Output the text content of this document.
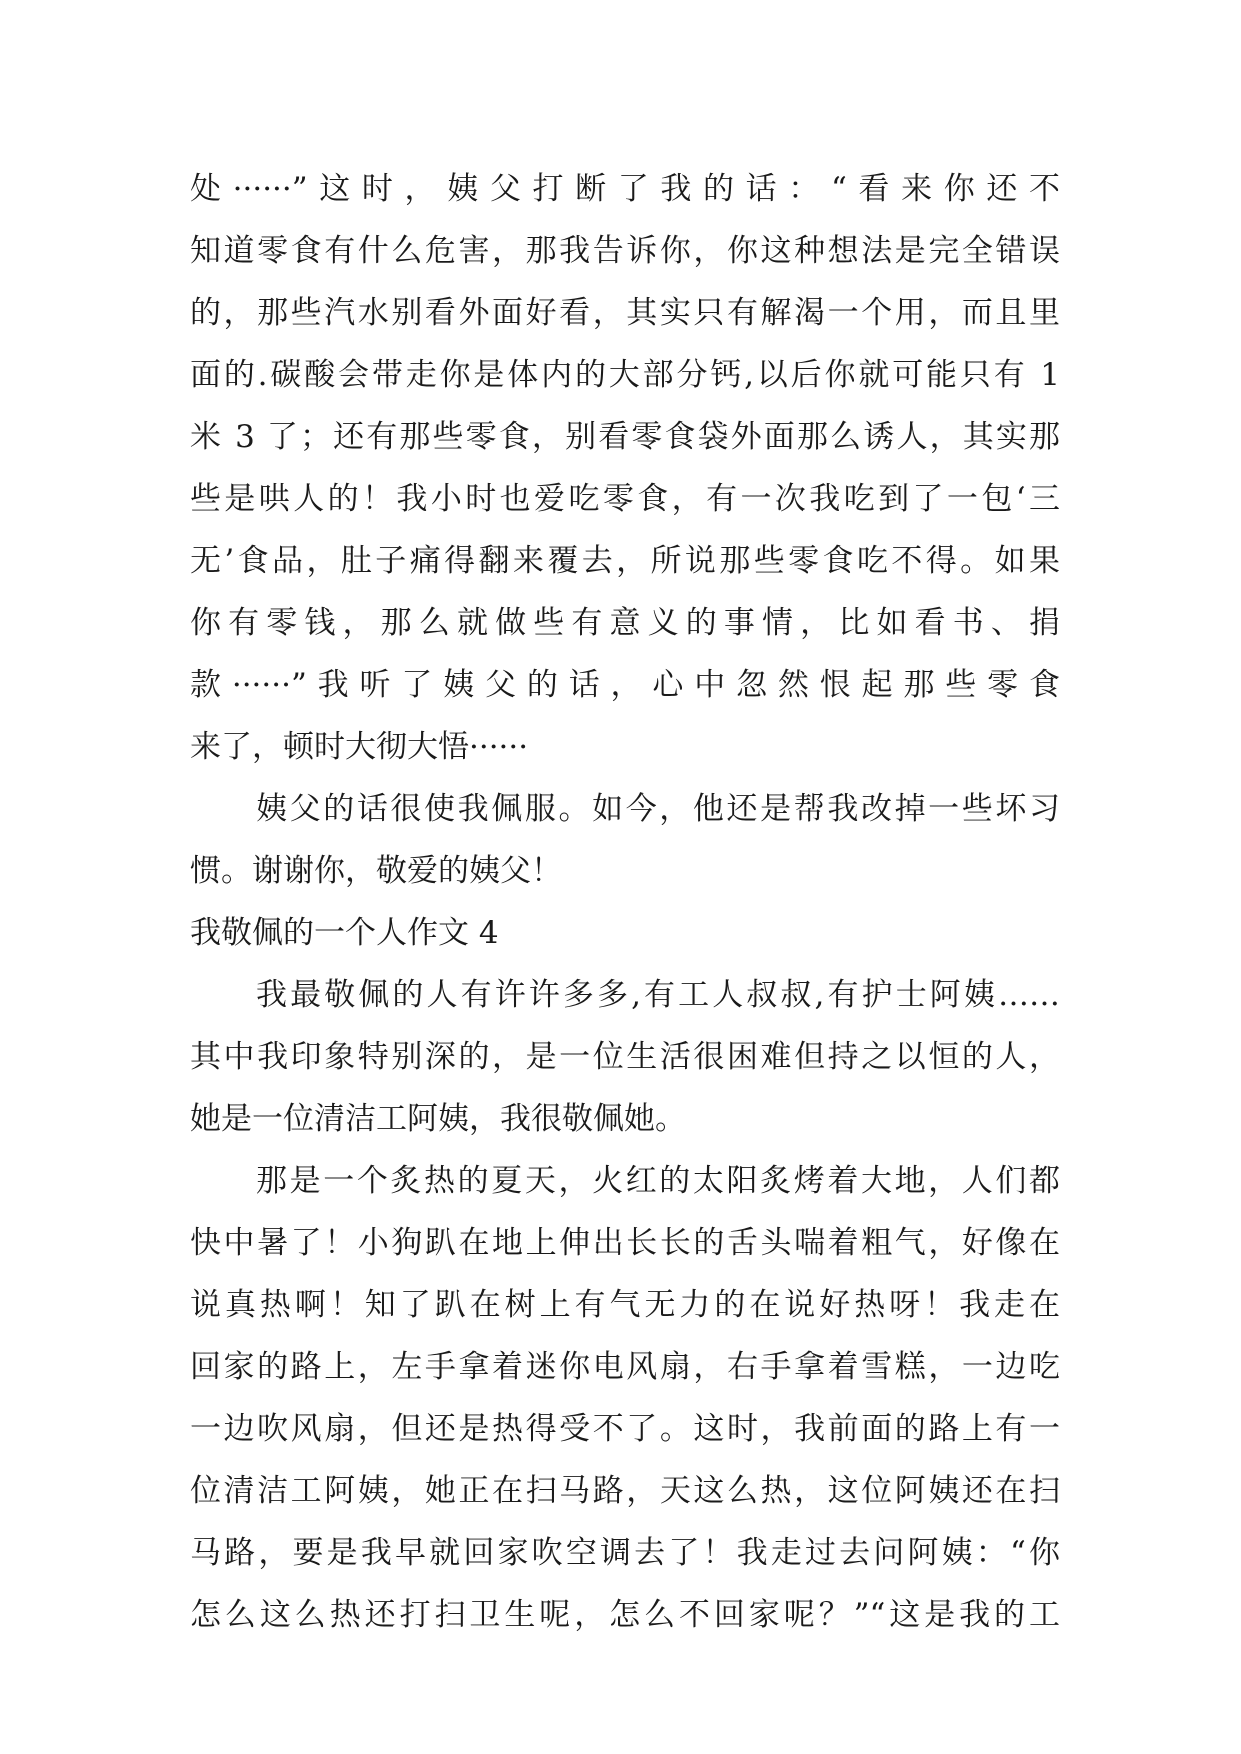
处······”这时，姨父打断了我的话：“看来你还不
知道零食有什么危害，那我告诉你，你这种想法是完全错误
的，那些汽水别看外面好看，其实只有解渴一个用，而且里
面的.碳酸会带走你是体内的大部分钙,以后你就可能只有 1
米 3 了；还有那些零食，别看零食袋外面那么诱人，其实那
些是哄人的！我小时也爱吃零食，有一次我吃到了一包‘三
无’食品，肚子痛得翻来覆去，所说那些零食吃不得。如果
你有零钱，那么就做些有意义的事情，比如看书、捐
款······”我听了姨父的话，心中忽然恨起那些零食
来了，顿时大彻大悟······
姨父的话很使我佩服。如今，他还是帮我改掉一些坏习
惯。谢谢你，敬爱的姨父！
我敬佩的一个人作文 4
我最敬佩的人有许许多多,有工人叔叔,有护士阿姨……
其中我印象特别深的，是一位生活很困难但持之以恒的人，
她是一位清洁工阿姨，我很敬佩她。
那是一个炙热的夏天，火红的太阳炙烤着大地，人们都
快中暑了！小狗趴在地上伸出长长的舌头喘着粗气，好像在
说真热啊！知了趴在树上有气无力的在说好热呀！我走在
回家的路上，左手拿着迷你电风扇，右手拿着雪糕，一边吃
一边吹风扇，但还是热得受不了。这时，我前面的路上有一
位清洁工阿姨，她正在扫马路，天这么热，这位阿姨还在扫
马路，要是我早就回家吹空调去了！我走过去问阿姨：“你
怎么这么热还打扫卫生呢，怎么不回家呢？”“这是我的工
